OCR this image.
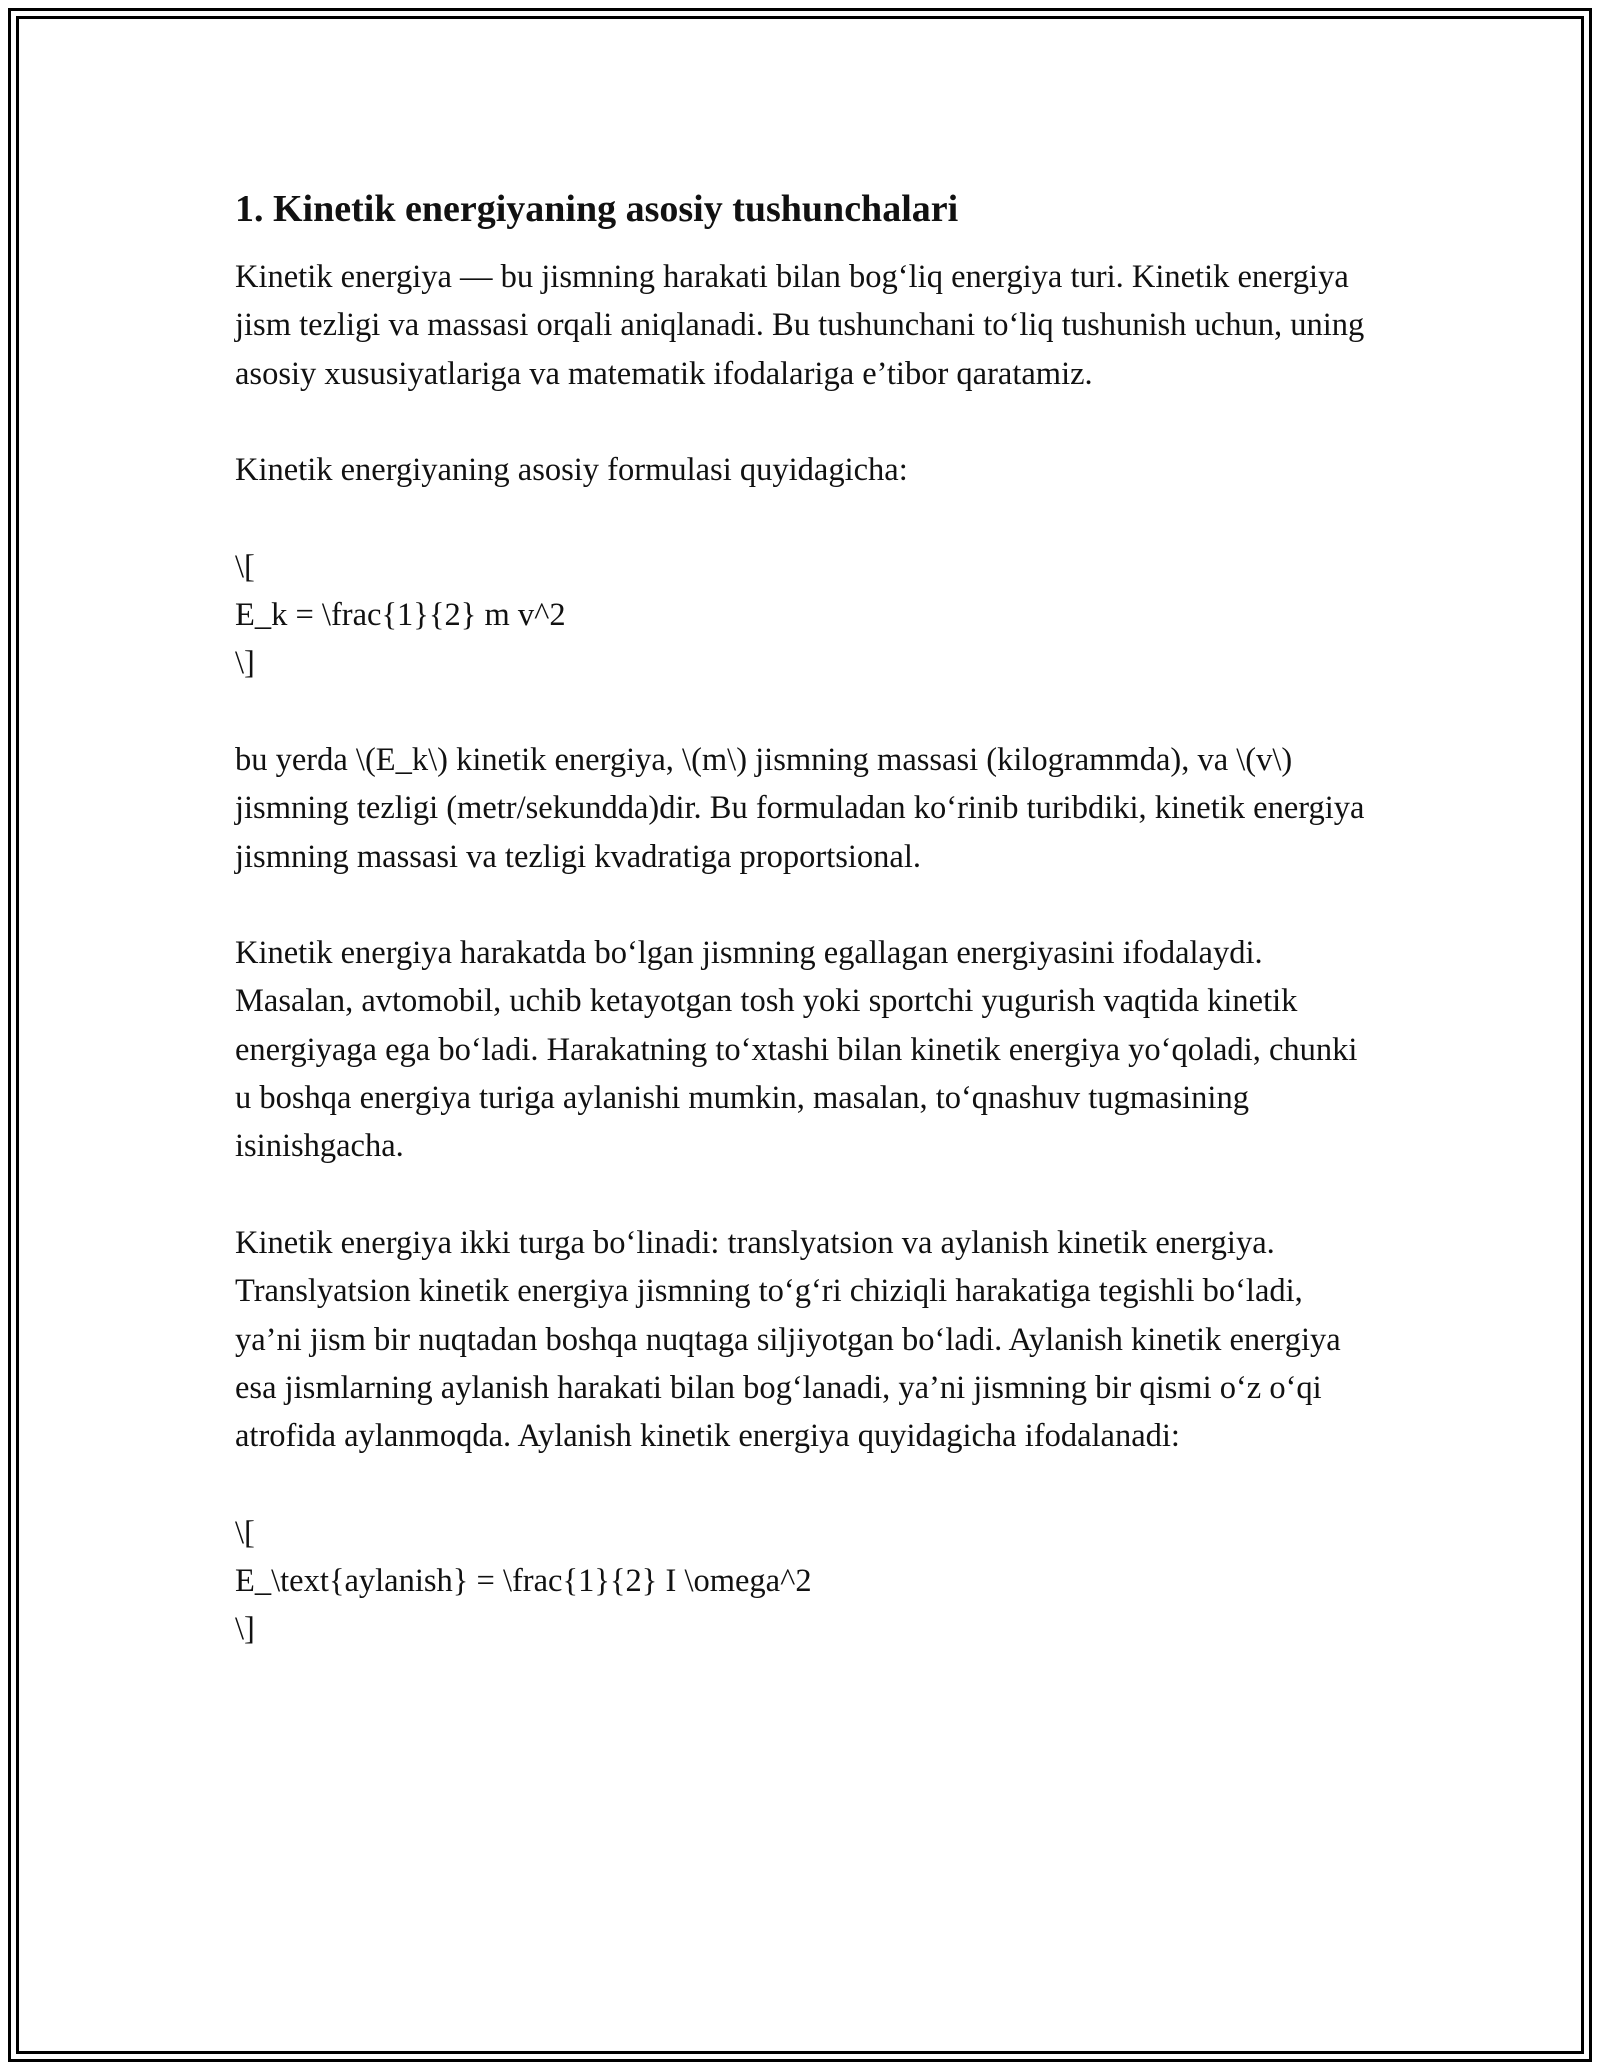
1. Kinetik energiyaning asosiy tushunchalari

Kinetik energiya — bu jismning harakati bilan bog‘liq energiya turi. Kinetik energiya jism tezligi va massasi orqali aniqlanadi. Bu tushunchani to‘liq tushunish uchun, uning asosiy xususiyatlariga va matematik ifodalariga e’tibor qaratamiz.

Kinetik energiyaning asosiy formulasi quyidagicha:

\[
E_k = \frac{1}{2} m v^2
\]

bu yerda \(E_k\) kinetik energiya, \(m\) jismning massasi (kilogrammda), va \(v\) jismning tezligi (metr/sekundda)dir. Bu formuladan ko‘rinib turibdiki, kinetik energiya jismning massasi va tezligi kvadratiga proportsional.

Kinetik energiya harakatda bo‘lgan jismning egallagan energiyasini ifodalaydi. Masalan, avtomobil, uchib ketayotgan tosh yoki sportchi yugurish vaqtida kinetik energiyaga ega bo‘ladi. Harakatning to‘xtashi bilan kinetik energiya yo‘qoladi, chunki u boshqa energiya turiga aylanishi mumkin, masalan, to‘qnashuv tugmasining isinishgacha.

Kinetik energiya ikki turga bo‘linadi: translyatsion va aylanish kinetik energiya. Translyatsion kinetik energiya jismning to‘g‘ri chiziqli harakatiga tegishli bo‘ladi, ya’ni jism bir nuqtadan boshqa nuqtaga siljiyotgan bo‘ladi. Aylanish kinetik energiya esa jismlarning aylanish harakati bilan bog‘lanadi, ya’ni jismning bir qismi o‘z o‘qi atrofida aylanmoqda. Aylanish kinetik energiya quyidagicha ifodalanadi:

\[
E_\text{aylanish} = \frac{1}{2} I \omega^2
\]
